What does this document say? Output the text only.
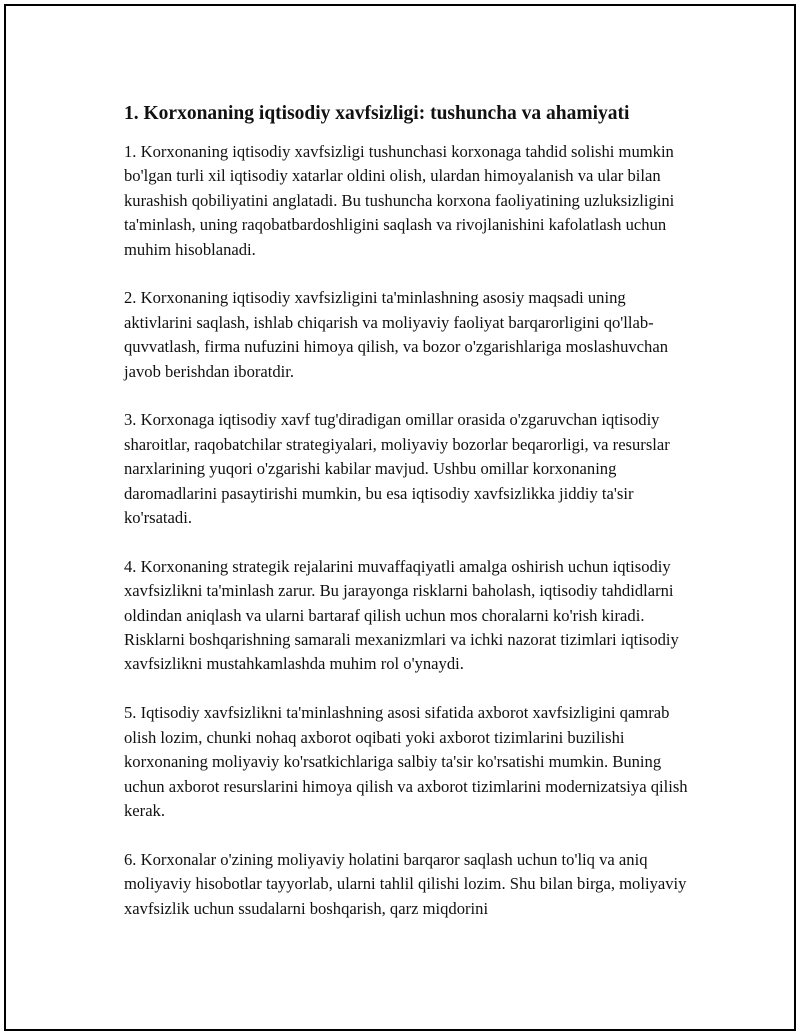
1. Korxonaning iqtisodiy xavfsizligi: tushuncha va ahamiyati

1. Korxonaning iqtisodiy xavfsizligi tushunchasi korxonaga tahdid solishi mumkin bo'lgan turli xil iqtisodiy xatarlar oldini olish, ulardan himoyalanish va ular bilan kurashish qobiliyatini anglatadi. Bu tushuncha korxona faoliyatining uzluksizligini ta'minlash, uning raqobatbardoshligini saqlash va rivojlanishini kafolatlash uchun muhim hisoblanadi.

2. Korxonaning iqtisodiy xavfsizligini ta'minlashning asosiy maqsadi uning aktivlarini saqlash, ishlab chiqarish va moliyaviy faoliyat barqarorligini qo'llab-quvvatlash, firma nufuzini himoya qilish, va bozor o'zgarishlariga moslashuvchan javob berishdan iboratdir.

3. Korxonaga iqtisodiy xavf tug'diradigan omillar orasida o'zgaruvchan iqtisodiy sharoitlar, raqobatchilar strategiyalari, moliyaviy bozorlar beqarorligi, va resurslar narxlarining yuqori o'zgarishi kabilar mavjud. Ushbu omillar korxonaning daromadlarini pasaytirishi mumkin, bu esa iqtisodiy xavfsizlikka jiddiy ta'sir ko'rsatadi.

4. Korxonaning strategik rejalarini muvaffaqiyatli amalga oshirish uchun iqtisodiy xavfsizlikni ta'minlash zarur. Bu jarayonga risklarni baholash, iqtisodiy tahdidlarni oldindan aniqlash va ularni bartaraf qilish uchun mos choralarni ko'rish kiradi. Risklarni boshqarishning samarali mexanizmlari va ichki nazorat tizimlari iqtisodiy xavfsizlikni mustahkamlashda muhim rol o'ynaydi.

5. Iqtisodiy xavfsizlikni ta'minlashning asosi sifatida axborot xavfsizligini qamrab olish lozim, chunki nohaq axborot oqibati yoki axborot tizimlarini buzilishi korxonaning moliyaviy ko'rsatkichlariga salbiy ta'sir ko'rsatishi mumkin. Buning uchun axborot resurslarini himoya qilish va axborot tizimlarini modernizatsiya qilish kerak.

6. Korxonalar o'zining moliyaviy holatini barqaror saqlash uchun to'liq va aniq moliyaviy hisobotlar tayyorlab, ularni tahlil qilishi lozim. Shu bilan birga, moliyaviy xavfsizlik uchun ssudalarni boshqarish, qarz miqdorini
